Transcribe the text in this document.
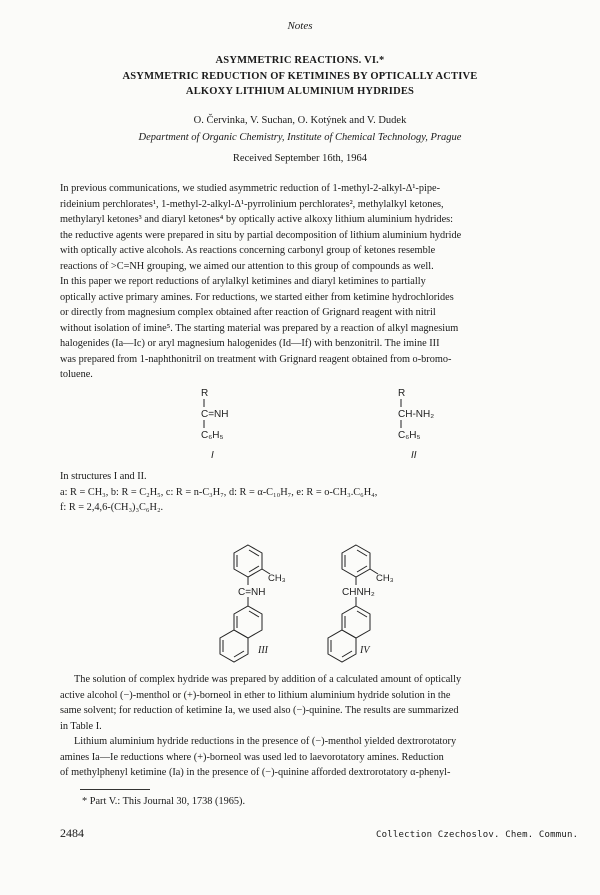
Notes
ASYMMETRIC REACTIONS. VI.*
ASYMMETRIC REDUCTION OF KETIMINES BY OPTICALLY ACTIVE
ALKOXY LITHIUM ALUMINIUM HYDRIDES
O. Červinka, V. Suchan, O. Kotýnek and V. Dudek
Department of Organic Chemistry, Institute of Chemical Technology, Prague
Received September 16th, 1964

In previous communications, we studied asymmetric reduction of 1-methyl-2-alkyl-Δ¹-pipe-

rideinium perchlorates¹, 1-methyl-2-alkyl-Δ¹-pyrrolinium perchlorates², methylalkyl ketones,

methylaryl ketones³ and diaryl ketones⁴ by optically active alkoxy lithium aluminium hydrides:

the reductive agents were prepared in situ by partial decomposition of lithium aluminium hydride

with optically active alcohols. As reactions concerning carbonyl group of ketones resemble

reactions of >C=NH grouping, we aimed our attention to this group of compounds as well.

In this paper we report reductions of arylalkyl ketimines and diaryl ketimines to partially

optically active primary amines. For reductions, we started either from ketimine hydrochlorides

or directly from magnesium complex obtained after reaction of Grignard reagent with nitril

without isolation of imine⁵. The starting material was prepared by a reaction of alkyl magnesium

halogenides (Ia—Ic) or aryl magnesium halogenides (Id—If) with benzonitril. The imine III

was prepared from 1-naphthonitril on treatment with Grignard reagent obtained from o-bromo-

toluene.

R
C=NH
C₆H₅
I
R
CH-NH₂
C₆H₅
II
In structures I and II.
a: R = CH₃, b: R = C₂H₅, c: R = n-C₃H₇, d: R = α-C₁₀H₇, e: R = o-CH₃.C₆H₄,
f: R = 2,4,6-(CH₃)₃C₆H₂.
CH₃
C=NH
CH₃
CHNH₂
III	IV

The solution of complex hydride was prepared by addition of a calculated amount of optically

active alcohol (−)-menthol or (+)-borneol in ether to lithium aluminium hydride solution in the

same solvent; for reduction of ketimine Ia, we used also (−)-quinine. The results are summarized

in Table I.

Lithium aluminium hydride reductions in the presence of (−)-menthol yielded dextrorotatory

amines Ia—Ie reductions where (+)-borneol was used led to laevorotatory amines. Reduction

of methylphenyl ketimine (Ia) in the presence of (−)-quinine afforded dextrorotatory α-phenyl-

* Part V.: This Journal 30, 1738 (1965).
2484	Collection Czechoslov. Chem. Commun.
